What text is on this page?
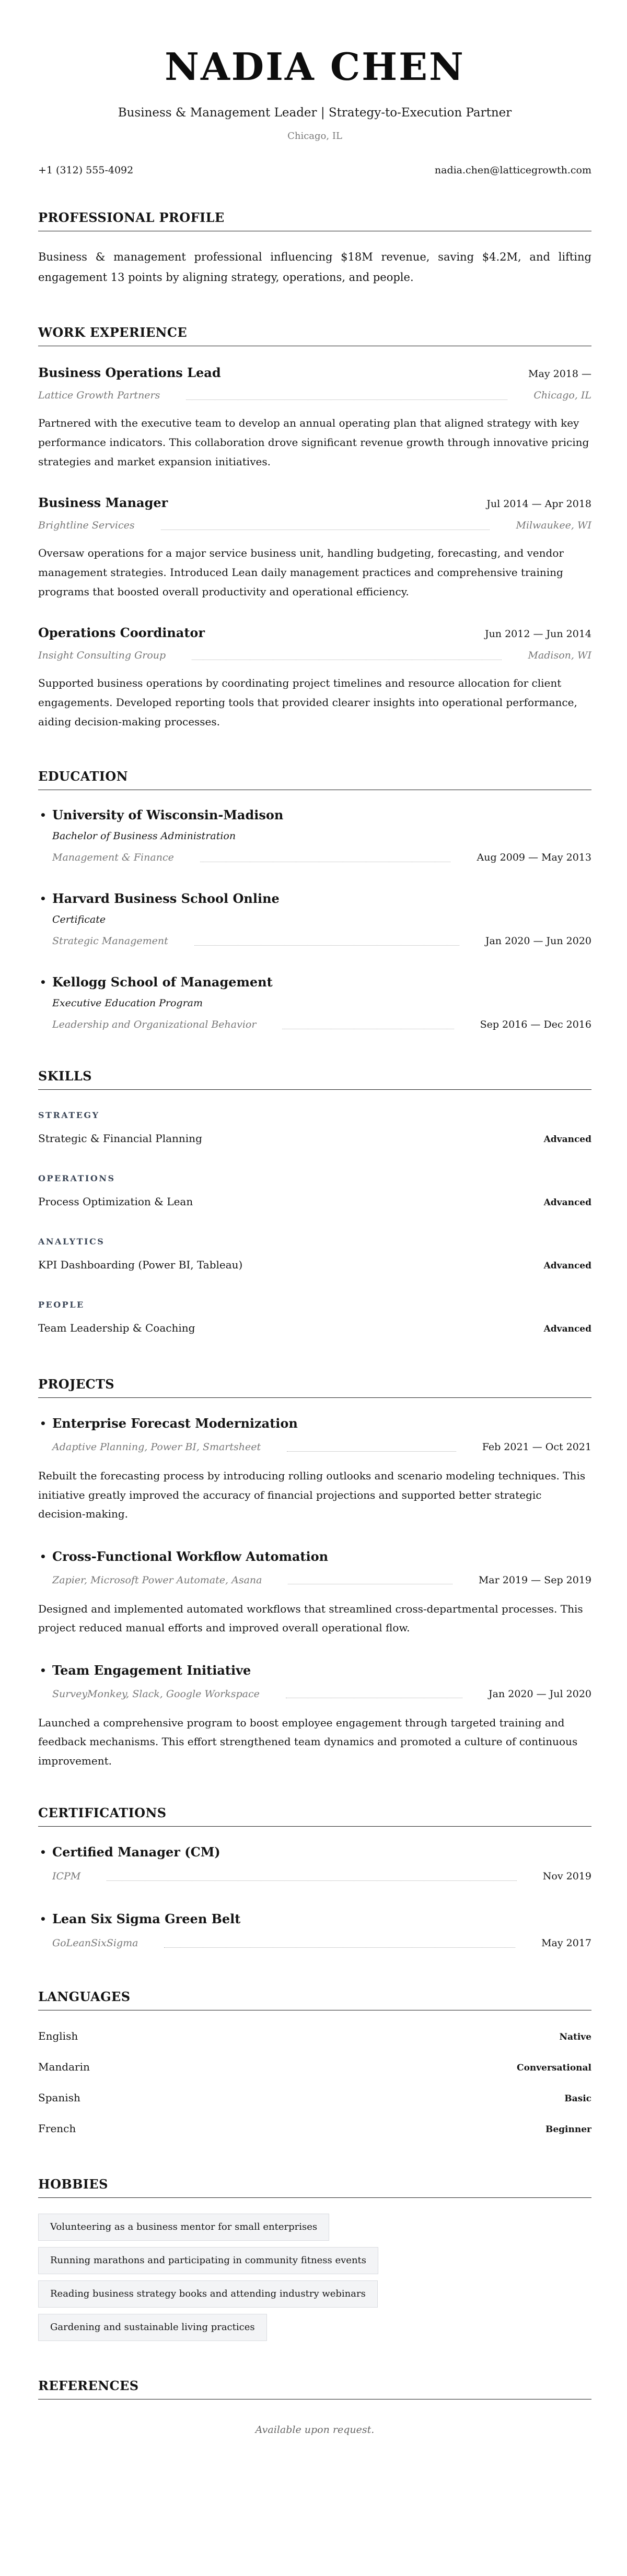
NADIA CHEN
Business & Management Leader | Strategy-to-Execution Partner
Chicago, IL
+1 (312) 555-4092	nadia.chen@latticegrowth.com
PROFESSIONAL PROFILE

Business & management professional influencing $18M revenue, saving $4.2M, and lifting engagement 13 points by aligning strategy, operations, and people.

WORK EXPERIENCE
Business Operations Lead	May 2018 —
Lattice Growth Partners	Chicago, IL

Partnered with the executive team to develop an annual operating plan that aligned strategy with key performance indicators. This collaboration drove significant revenue growth through innovative pricing strategies and market expansion initiatives.

Business Manager	Jul 2014 — Apr 2018
Brightline Services	Milwaukee, WI

Oversaw operations for a major service business unit, handling budgeting, forecasting, and vendor management strategies. Introduced Lean daily management practices and comprehensive training programs that boosted overall productivity and operational efficiency.

Operations Coordinator	Jun 2012 — Jun 2014
Insight Consulting Group	Madison, WI

Supported business operations by coordinating project timelines and resource allocation for client engagements. Developed reporting tools that provided clearer insights into operational performance, aiding decision-making processes.

EDUCATION
• University of Wisconsin-Madison
Bachelor of Business Administration
Management & Finance	Aug 2009 — May 2013
• Harvard Business School Online
Certificate
Strategic Management	Jan 2020 — Jun 2020
• Kellogg School of Management
Executive Education Program
Leadership and Organizational Behavior	Sep 2016 — Dec 2016
SKILLS
STRATEGY
Strategic & Financial Planning	Advanced
OPERATIONS
Process Optimization & Lean	Advanced
ANALYTICS
KPI Dashboarding (Power BI, Tableau)	Advanced
PEOPLE
Team Leadership & Coaching	Advanced
PROJECTS
• Enterprise Forecast Modernization
Adaptive Planning, Power BI, Smartsheet	Feb 2021 — Oct 2021

Rebuilt the forecasting process by introducing rolling outlooks and scenario modeling techniques. This initiative greatly improved the accuracy of financial projections and supported better strategic decision-making.

• Cross-Functional Workflow Automation
Zapier, Microsoft Power Automate, Asana	Mar 2019 — Sep 2019

Designed and implemented automated workflows that streamlined cross-departmental processes. This project reduced manual efforts and improved overall operational flow.

• Team Engagement Initiative
SurveyMonkey, Slack, Google Workspace	Jan 2020 — Jul 2020

Launched a comprehensive program to boost employee engagement through targeted training and feedback mechanisms. This effort strengthened team dynamics and promoted a culture of continuous improvement.

CERTIFICATIONS
• Certified Manager (CM)
ICPM	Nov 2019
• Lean Six Sigma Green Belt
GoLeanSixSigma	May 2017
LANGUAGES
English	Native
Mandarin	Conversational
Spanish	Basic
French	Beginner
HOBBIES
Volunteering as a business mentor for small enterprises
Running marathons and participating in community fitness events
Reading business strategy books and attending industry webinars
Gardening and sustainable living practices
REFERENCES

Available upon request.
